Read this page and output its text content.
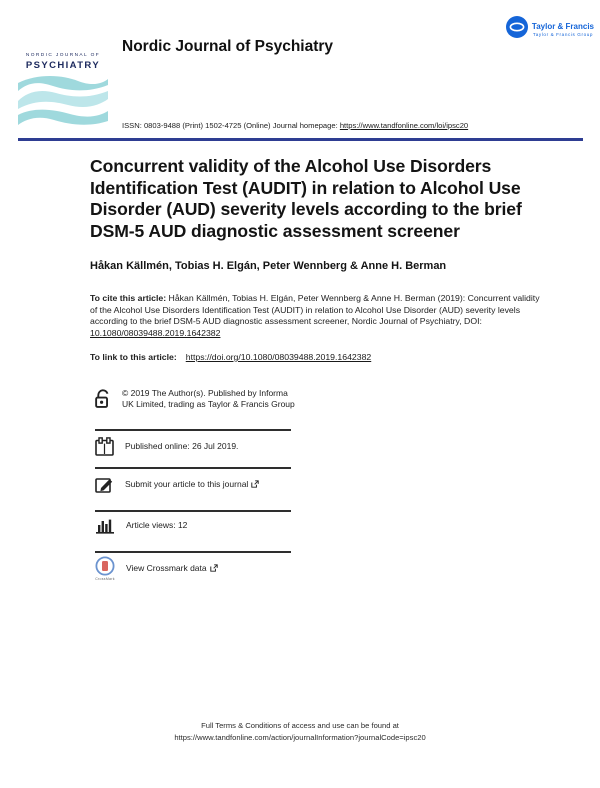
Taylor & Francis
Taylor & Francis Group
NORDIC JOURNAL OF
PSYCHIATRY
Nordic Journal of Psychiatry
ISSN: 0803-9488 (Print) 1502-4725 (Online) Journal homepage: https://www.tandfonline.com/loi/ipsc20
Concurrent validity of the Alcohol Use Disorders Identification Test (AUDIT) in relation to Alcohol Use Disorder (AUD) severity levels according to the brief DSM-5 AUD diagnostic assessment screener
Håkan Källmén, Tobias H. Elgán, Peter Wennberg & Anne H. Berman
To cite this article: Håkan Källmén, Tobias H. Elgán, Peter Wennberg & Anne H. Berman (2019): Concurrent validity of the Alcohol Use Disorders Identification Test (AUDIT) in relation to Alcohol Use Disorder (AUD) severity levels according to the brief DSM-5 AUD diagnostic assessment screener, Nordic Journal of Psychiatry, DOI: 10.1080/08039488.2019.1642382
To link to this article: https://doi.org/10.1080/08039488.2019.1642382
© 2019 The Author(s). Published by Informa UK Limited, trading as Taylor & Francis Group
Published online: 26 Jul 2019.
Submit your article to this journal
Article views: 12
CrossMark
View Crossmark data
Full Terms & Conditions of access and use can be found at
https://www.tandfonline.com/action/journalInformation?journalCode=ipsc20
